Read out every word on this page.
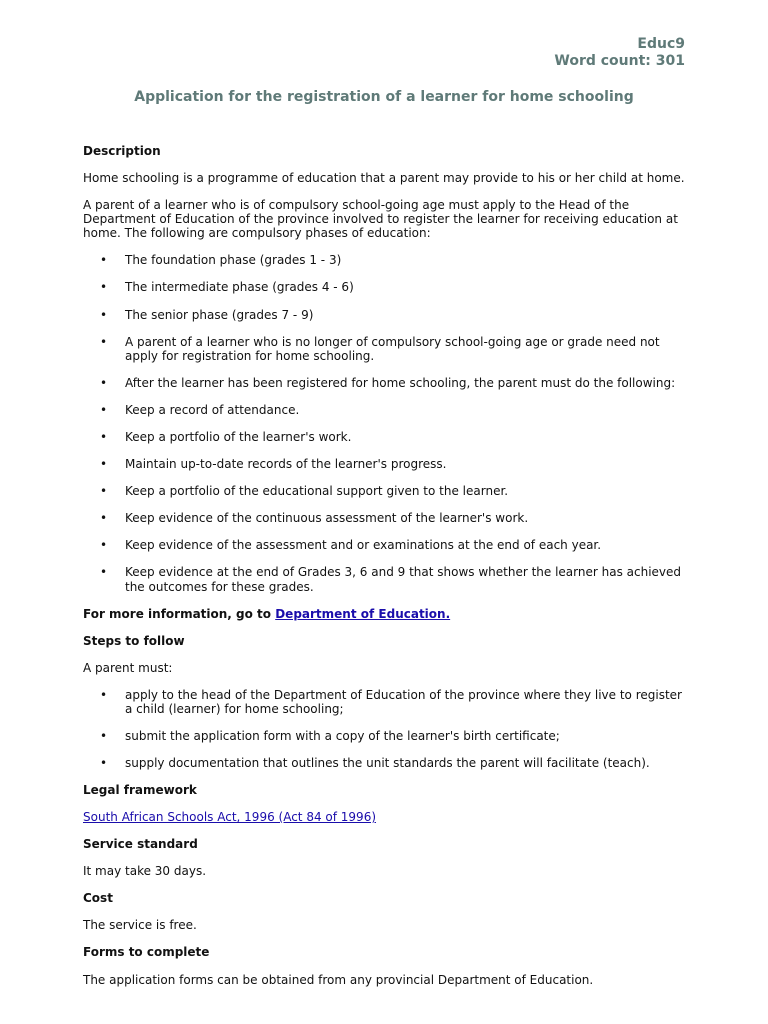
Educ9
Word count: 301
Application for the registration of a learner for home schooling

Description

Home schooling is a programme of education that a parent may provide to his or her child at home.

A parent of a learner who is of compulsory school-going age must apply to the Head of the

Department of Education of the province involved to register the learner for receiving education at

home. The following are compulsory phases of education:

• The foundation phase (grades 1 - 3)

• The intermediate phase (grades 4 - 6)

• The senior phase (grades 7 - 9)

• A parent of a learner who is no longer of compulsory school-going age or grade need not

apply for registration for home schooling.

• After the learner has been registered for home schooling, the parent must do the following:

• Keep a record of attendance.

• Keep a portfolio of the learner's work.

• Maintain up-to-date records of the learner's progress.

• Keep a portfolio of the educational support given to the learner.

• Keep evidence of the continuous assessment of the learner's work.

• Keep evidence of the assessment and or examinations at the end of each year.

• Keep evidence at the end of Grades 3, 6 and 9 that shows whether the learner has achieved

the outcomes for these grades.

For more information, go to Department of Education.

Steps to follow

A parent must:

• apply to the head of the Department of Education of the province where they live to register

a child (learner) for home schooling;

• submit the application form with a copy of the learner's birth certificate;

• supply documentation that outlines the unit standards the parent will facilitate (teach).

Legal framework

South African Schools Act, 1996 (Act 84 of 1996)

Service standard

It may take 30 days.

Cost

The service is free.

Forms to complete

The application forms can be obtained from any provincial Department of Education.
